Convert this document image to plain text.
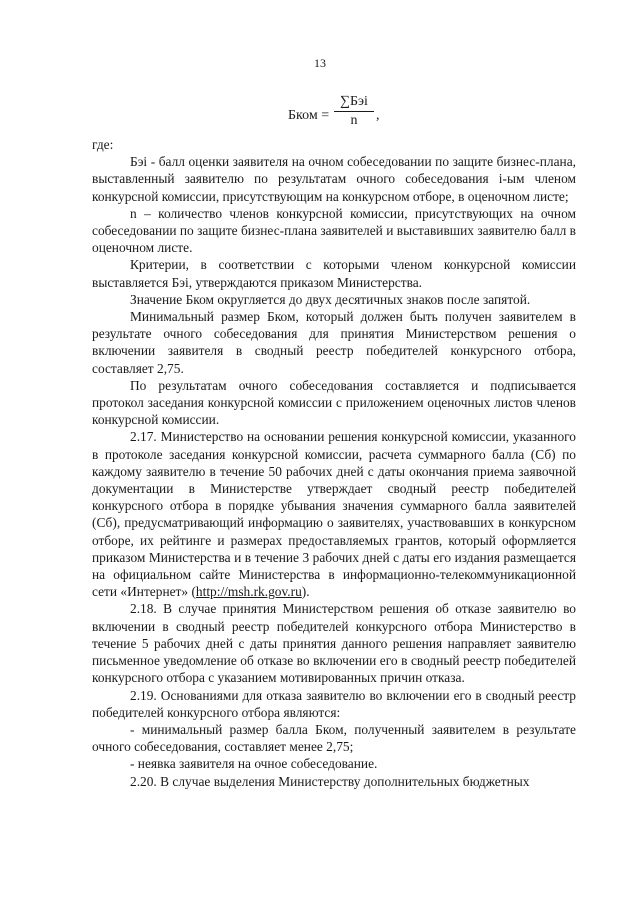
13
Бком =
∑Бэi
n	,

где:

Бэi - балл оценки заявителя на очном собеседовании по защите бизнес-плана, выставленный заявителю по результатам очного собеседования i-ым членом конкурсной комиссии, присутствующим на конкурсном отборе, в оценочном листе;

n – количество членов конкурсной комиссии, присутствующих на очном собеседовании по защите бизнес-плана заявителей и выставивших заявителю балл в оценочном листе.

Критерии, в соответствии с которыми членом конкурсной комиссии выставляется Бэi, утверждаются приказом Министерства.

Значение Бком округляется до двух десятичных знаков после запятой.

Минимальный размер Бком, который должен быть получен заявителем в результате очного собеседования для принятия Министерством решения о включении заявителя в сводный реестр победителей конкурсного отбора, составляет 2,75.

По результатам очного собеседования составляется и подписывается протокол заседания конкурсной комиссии с приложением оценочных листов членов конкурсной комиссии.

2.17. Министерство на основании решения конкурсной комиссии, указанного в протоколе заседания конкурсной комиссии, расчета суммарного балла (Сб) по каждому заявителю в течение 50 рабочих дней с даты окончания приема заявочной документации в Министерстве утверждает сводный реестр победителей конкурсного отбора в порядке убывания значения суммарного балла заявителей (Сб), предусматривающий информацию о заявителях, участвовавших в конкурсном отборе, их рейтинге и размерах предоставляемых грантов, который оформляется приказом Министерства и в течение 3 рабочих дней с даты его издания размещается на официальном сайте Министерства в информационно-телекоммуникационной сети «Интернет» (http://msh.rk.gov.ru).

2.18. В случае принятия Министерством решения об отказе заявителю во включении в сводный реестр победителей конкурсного отбора Министерство в течение 5 рабочих дней с даты принятия данного решения направляет заявителю письменное уведомление об отказе во включении его в сводный реестр победителей конкурсного отбора с указанием мотивированных причин отказа.

2.19. Основаниями для отказа заявителю во включении его в сводный реестр победителей конкурсного отбора являются:

- минимальный размер балла Бком, полученный заявителем в результате очного собеседования, составляет менее 2,75;

- неявка заявителя на очное собеседование.

2.20. В случае выделения Министерству дополнительных бюджетных
